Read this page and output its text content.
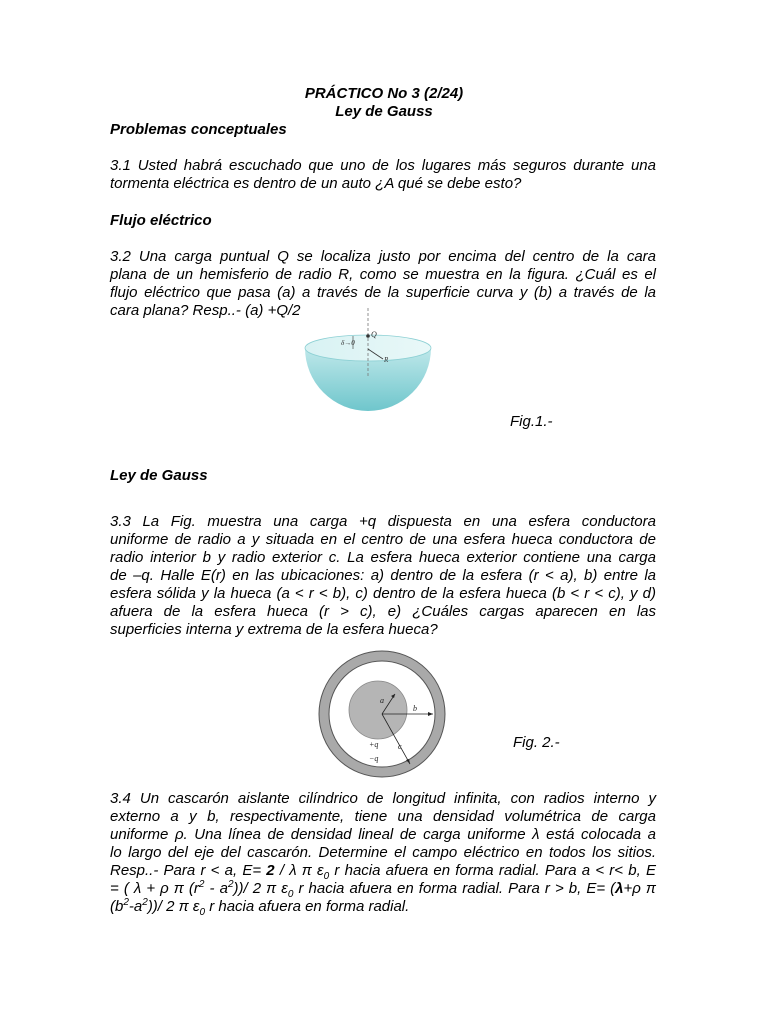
PRÁCTICO No 3 (2/24)
Ley de Gauss
Problemas conceptuales
3.1 Usted habrá escuchado que uno de los lugares más seguros durante una
tormenta eléctrica es dentro de un auto ¿A qué se debe esto?
Flujo eléctrico
3.2 Una carga puntual Q se localiza justo por encima del centro de la cara
plana de un hemisferio de radio R, como se muestra en la figura. ¿Cuál es el
flujo eléctrico que pasa (a) a través de la superficie curva y (b) a través de la
cara plana? Resp..- (a) +Q/2
δ→0
Q
R
Fig.1.-
Ley de Gauss
3.3 La Fig. muestra una carga +q dispuesta en una esfera conductora
uniforme de radio a y situada en el centro de una esfera hueca conductora de
radio interior b y radio exterior c. La esfera hueca exterior contiene una carga
de –q. Halle E(r) en las ubicaciones: a) dentro de la esfera (r < a), b) entre la
esfera sólida y la hueca (a < r < b), c) dentro de la esfera hueca (b < r < c), y d)
afuera de la esfera hueca (r > c), e) ¿Cuáles cargas aparecen en las
superficies interna y extrema de la esfera hueca?
a
b
c
+q
−q
Fig. 2.-
3.4 Un cascarón aislante cilíndrico de longitud infinita, con radios interno y
externo a y b, respectivamente, tiene una densidad volumétrica de carga
uniforme ρ. Una línea de densidad lineal de carga uniforme λ está colocada a
lo largo del eje del cascarón. Determine el campo eléctrico en todos los sitios.
Resp..- Para r < a, E= 2 / λ π $\varepsilon_0$ r hacia afuera en forma radial. Para a < r< b, E
= ( λ + ρ π $(r^2 - a^2))/$ 2 π $\varepsilon_0$ r hacia afuera en forma radial. Para r > b, E= (λ+ρ π
$(b^2-a^2))/$ 2 π $\varepsilon_0$ r hacia afuera en forma radial.
